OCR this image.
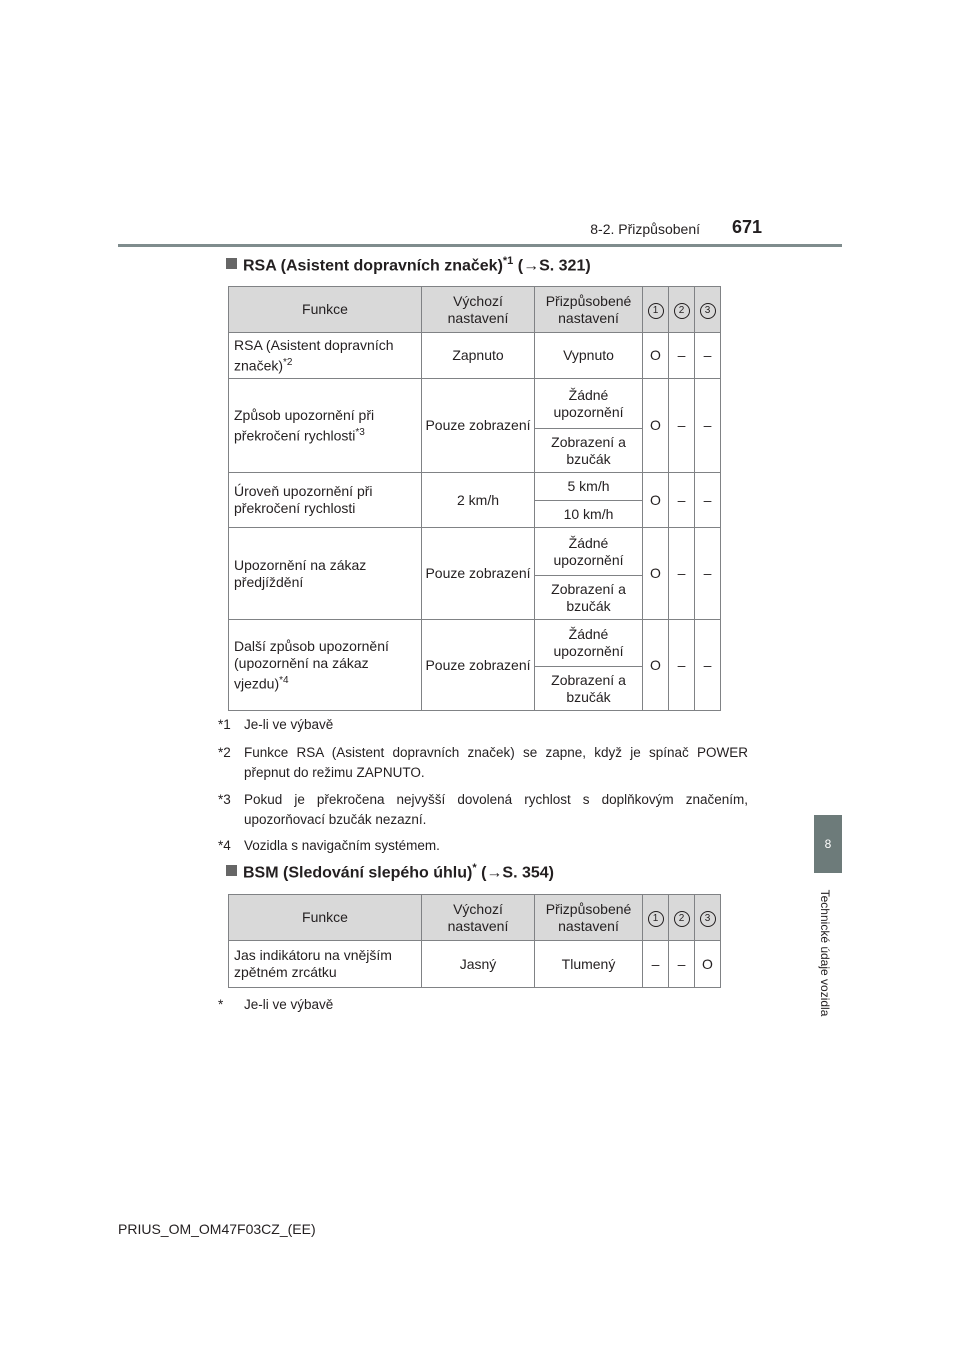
8-2. Přizpůsobení 671
8
Technické údaje vozidla
RSA (Asistent dopravních značek)$^{*1}$ (→S. 321)
Funkce	Výchozí nastavení	Přizpůsobené nastavení	1	2	3
RSA (Asistent dopravních značek)$^{*2}$	Zapnuto	Vypnuto	O	–	–
Způsob upozornění při překročení rychlosti$^{*3}$	Pouze zobrazení	Žádné upozornění	O	–	–
		Zobrazení a bzučák			
Úroveň upozornění při překročení rychlosti	2 km/h	5 km/h	O	–	–
		10 km/h			
Upozornění na zákaz předjíždění	Pouze zobrazení	Žádné upozornění	O	–	–
		Zobrazení a bzučák			
Další způsob upozornění (upozornění na zákaz vjezdu)$^{*4}$	Pouze zobrazení	Žádné upozornění	O	–	–
		Zobrazení a bzučák			
*1 Je-li ve výbavě
*2 Funkce RSA (Asistent dopravních značek) se zapne, když je spínač POWER přepnut do režimu ZAPNUTO.
*3 Pokud je překročena nejvyšší dovolená rychlost s doplňkovým značením, upozorňovací bzučák nezazní.
*4 Vozidla s navigačním systémem.
BSM (Sledování slepého úhlu)* (→S. 354)
Funkce	Výchozí nastavení	Přizpůsobené nastavení	1	2	3
Jas indikátoru na vnějším zpětném zrcátku	Jasný	Tlumený	–	–	O
* Je-li ve výbavě
PRIUS_OM_OM47F03CZ_(EE)
